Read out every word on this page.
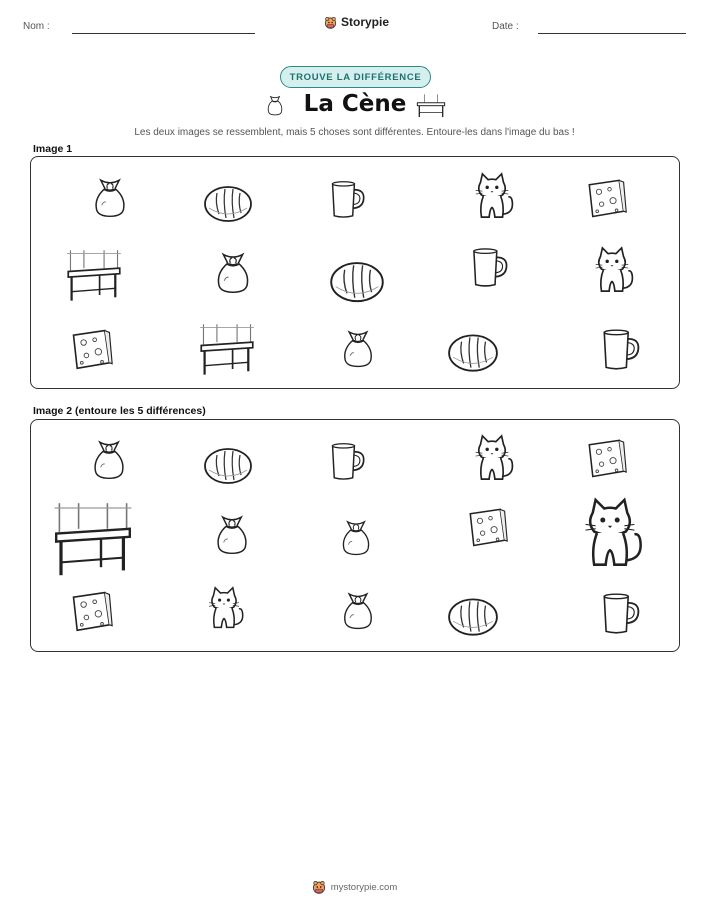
Nom :	Storypie	Date :
TROUVE LA DIFFÉRENCE
La Cène
Les deux images se ressemblent, mais 5 choses sont différentes. Entoure-les dans l'image du bas !
Image 1
Image 2 (entoure les 5 différences)
mystorypie.com
